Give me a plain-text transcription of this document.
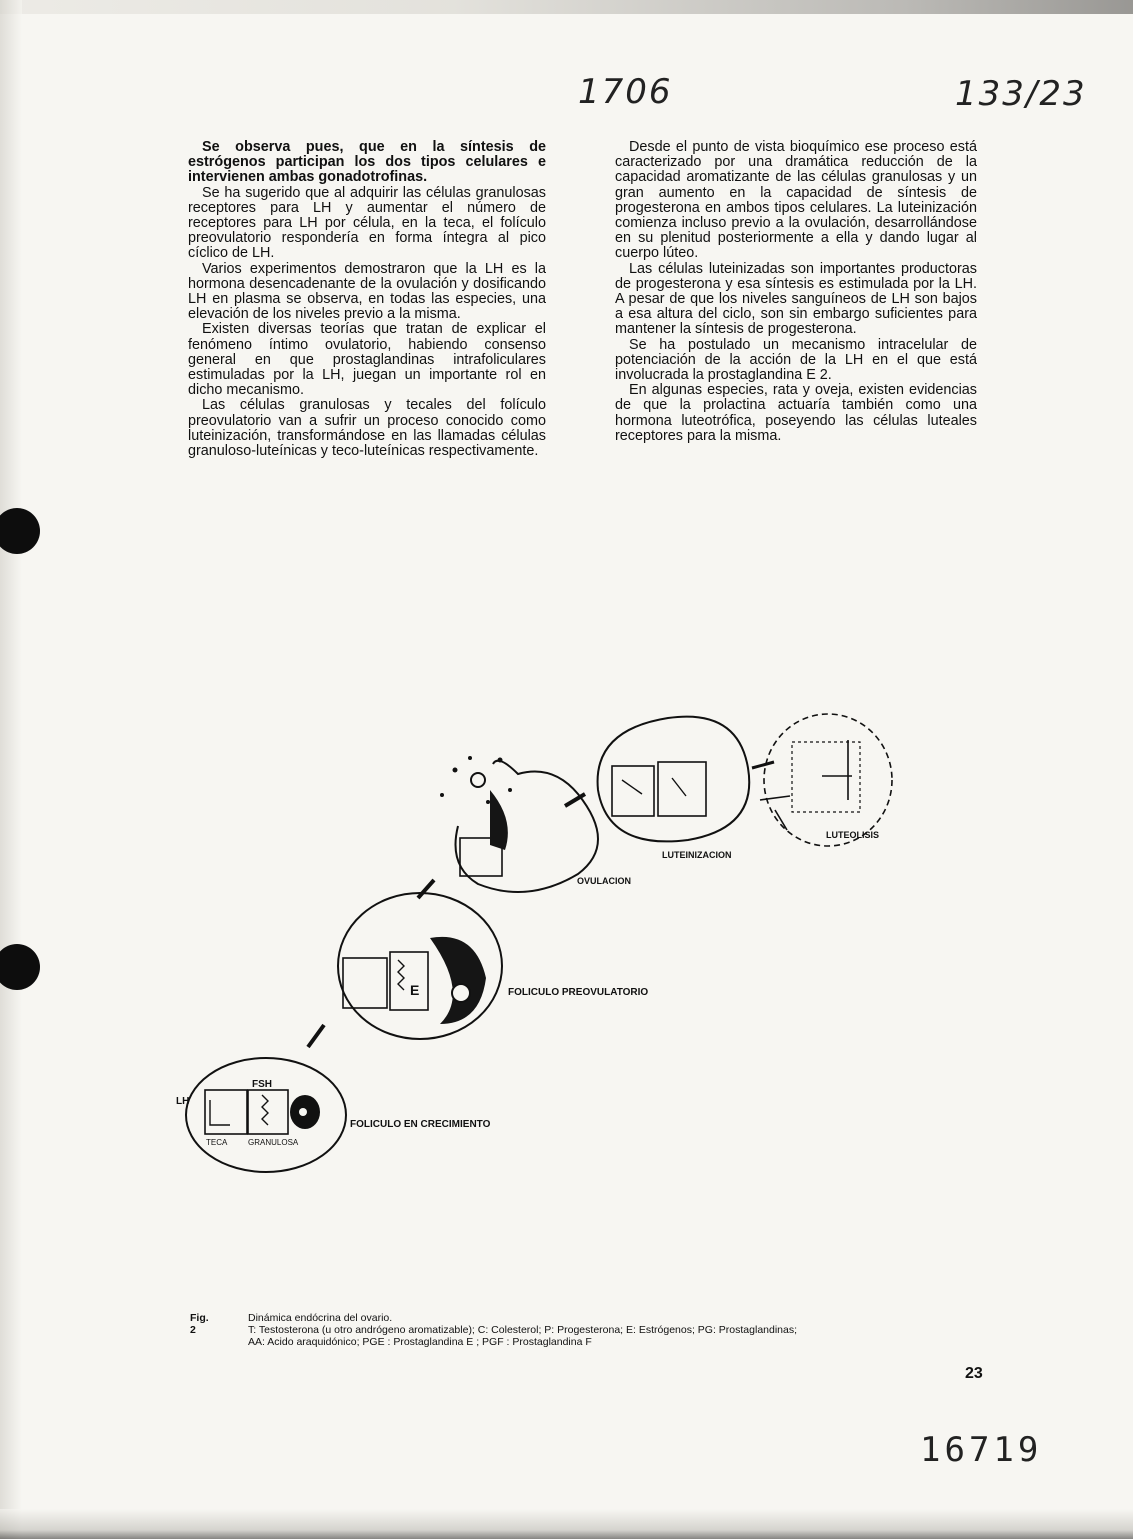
1706	133/23

Se observa pues, que en la síntesis de estrógenos participan los dos tipos celulares e intervienen ambas gonadotrofinas.

Se ha sugerido que al adquirir las células granulosas receptores para LH y aumentar el número de receptores para LH por célula, en la teca, el folículo preovulatorio respondería en forma íntegra al pico cíclico de LH.

Varios experimentos demostraron que la LH es la hormona desencadenante de la ovulación y dosificando LH en plasma se observa, en todas las especies, una elevación de los niveles previo a la misma.

Existen diversas teorías que tratan de explicar el fenómeno íntimo ovulatorio, habiendo consenso general en que prostaglandinas intrafoliculares estimuladas por la LH, juegan un importante rol en dicho mecanismo.

Las células granulosas y tecales del folículo preovulatorio van a sufrir un proceso conocido como luteinización, transformándose en las llamadas células granuloso-luteínicas y teco-luteínicas respectivamente.

Desde el punto de vista bioquímico ese proceso está caracterizado por una dramática reducción de la capacidad aromatizante de las células granulosas y un gran aumento en la capacidad de síntesis de progesterona en ambos tipos celulares. La luteinización comienza incluso previo a la ovulación, desarrollándose en su plenitud posteriormente a ella y dando lugar al cuerpo lúteo.

Las células luteinizadas son importantes productoras de progesterona y esa síntesis es estimulada por la LH. A pesar de que los niveles sanguíneos de LH son bajos a esa altura del ciclo, son sin embargo suficientes para mantener la síntesis de progesterona.

Se ha postulado un mecanismo intracelular de potenciación de la acción de la LH en el que está involucrada la prostaglandina E 2.

En algunas especies, rata y oveja, existen evidencias de que la prolactina actuaría también como una hormona luteotrófica, poseyendo las células luteales receptores para la misma.

LH
FSH
TECA	GRANULOSA
FOLICULO EN CRECIMIENTO
E	FOLICULO PREOVULATORIO
OVULACION
LUTEINIZACION
LUTEOLISIS
Fig. 2
Dinámica endócrina del ovario.
T: Testosterona (u otro andrógeno aromatizable); C: Colesterol; P: Progesterona; E: Estrógenos; PG: Prostaglandinas;
AA: Acido araquidónico; PGE : Prostaglandina E ; PGF : Prostaglandina F
23
16719
